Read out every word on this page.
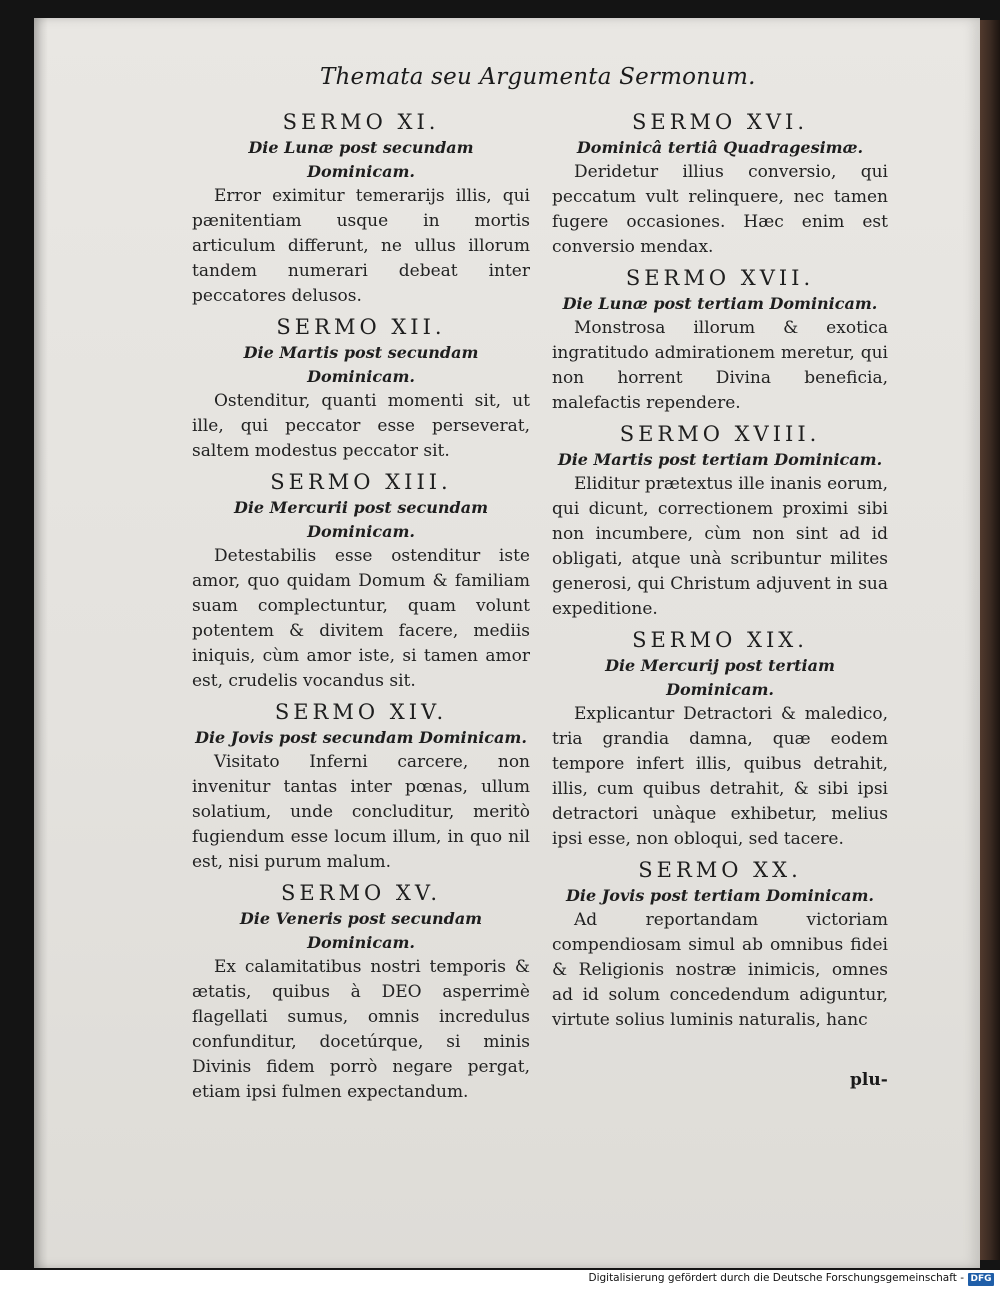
Themata seu Argumenta Sermonum.

SERMO XI.

Die Lunæ post secundam Dominicam.

Error eximitur temerarijs illis, qui pænitentiam usque in mortis articulum differunt, ne ullus illorum tandem numerari debeat inter peccatores delusos.

SERMO XII.

Die Martis post secundam Dominicam.

Ostenditur, quanti momenti sit, ut ille, qui peccator esse perseverat, saltem modestus peccator sit.

SERMO XIII.

Die Mercurii post secundam Dominicam.

Detestabilis esse ostenditur iste amor, quo quidam Domum & familiam suam complectuntur, quam volunt potentem & divitem facere, mediis iniquis, cùm amor iste, si tamen amor est, crudelis vocandus sit.

SERMO XIV.

Die Jovis post secundam Dominicam.

Visitato Inferni carcere, non invenitur tantas inter pœnas, ullum solatium, unde concluditur, meritò fugiendum esse locum illum, in quo nil est, nisi purum malum.

SERMO XV.

Die Veneris post secundam Dominicam.

Ex calamitatibus nostri temporis & ætatis, quibus à DEO asperrimè flagellati sumus, omnis incredulus confunditur, docetúrque, si minis Divinis fidem porrò negare pergat, etiam ipsi fulmen expectandum.

SERMO XVI.

Dominicâ tertiâ Quadragesimæ.

Deridetur illius conversio, qui peccatum vult relinquere, nec tamen fugere occasiones. Hæc enim est conversio mendax.

SERMO XVII.

Die Lunæ post tertiam Dominicam.

Monstrosa illorum & exotica ingratitudo admirationem meretur, qui non horrent Divina beneficia, malefactis rependere.

SERMO XVIII.

Die Martis post tertiam Dominicam.

Eliditur prætextus ille inanis eorum, qui dicunt, correctionem proximi sibi non incumbere, cùm non sint ad id obligati, atque unà scribuntur milites generosi, qui Christum adjuvent in sua expeditione.

SERMO XIX.

Die Mercurij post tertiam Dominicam.

Explicantur Detractori & maledico, tria grandia damna, quæ eodem tempore infert illis, quibus detrahit, illis, cum quibus detrahit, & sibi ipsi detractori unàque exhibetur, melius ipsi esse, non obloqui, sed tacere.

SERMO XX.

Die Jovis post tertiam Dominicam.

Ad reportandam victoriam compendiosam simul ab omnibus fidei & Religionis nostræ inimicis, omnes ad id solum concedendum adiguntur, virtute solius luminis naturalis, hanc

plu-
Digitalisierung gefördert durch die Deutsche Forschungsgemeinschaft - DFG
